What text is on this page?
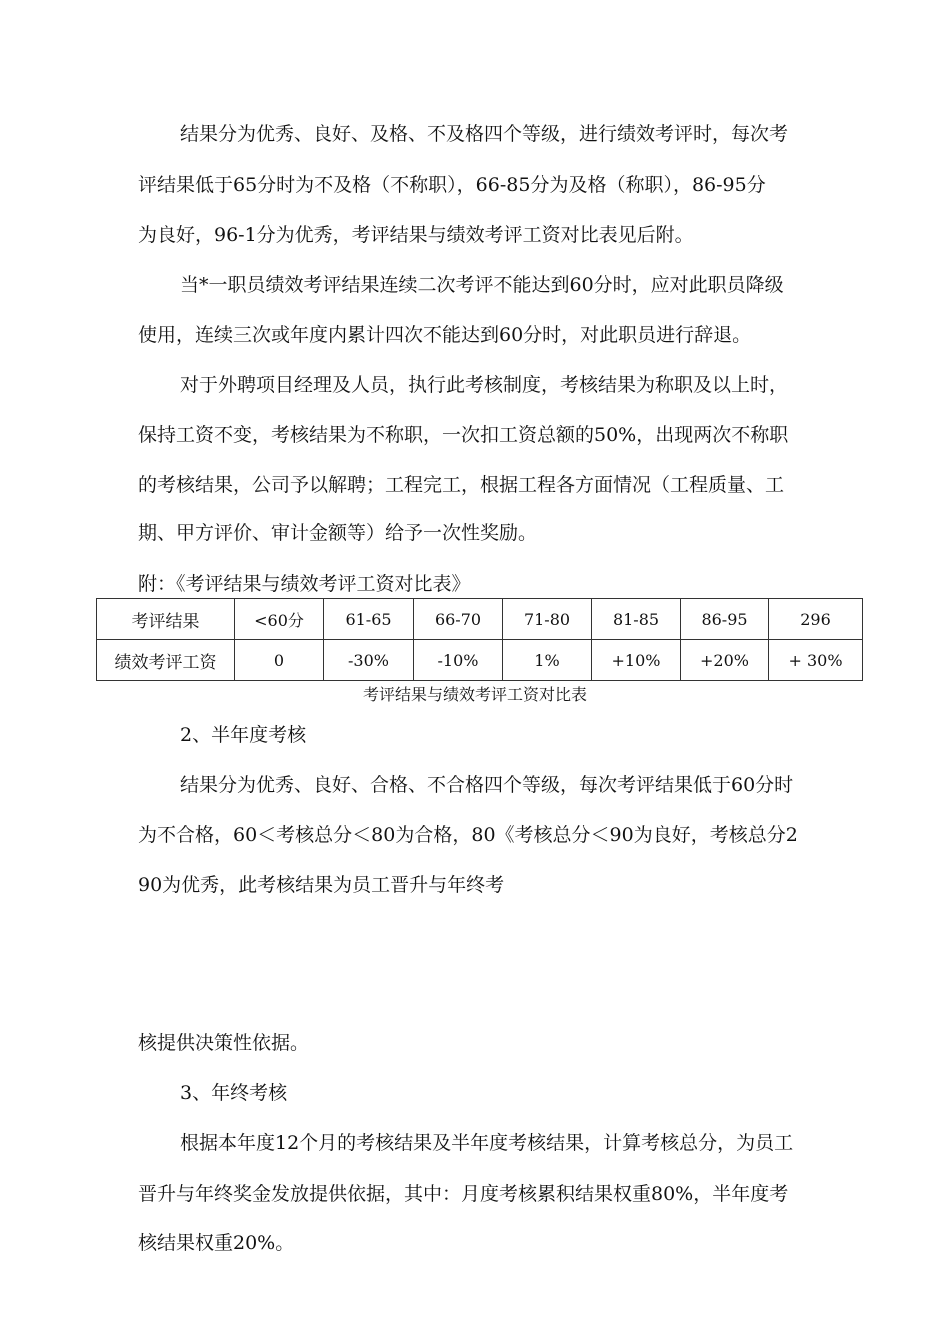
结果分为优秀、良好、及格、不及格四个等级，进行绩效考评时，每次考
评结果低于65分时为不及格（不称职），66-85分为及格（称职），86-95分
为良好，96-1分为优秀，考评结果与绩效考评工资对比表见后附。
当*一职员绩效考评结果连续二次考评不能达到60分时，应对此职员降级
使用，连续三次或年度内累计四次不能达到60分时，对此职员进行辞退。
对于外聘项目经理及人员，执行此考核制度，考核结果为称职及以上时，
保持工资不变，考核结果为不称职，一次扣工资总额的50%，出现两次不称职
的考核结果，公司予以解聘；工程完工，根据工程各方面情况（工程质量、工
期、甲方评价、审计金额等）给予一次性奖励。
附：《考评结果与绩效考评工资对比表》
考评结果	<60分	61-65	66-70	71-80	81-85	86-95	296
绩效考评工资	0	-30%	-10%	1%	+10%	+20%	+ 30%
考评结果与绩效考评工资对比表
2、半年度考核
结果分为优秀、良好、合格、不合格四个等级，每次考评结果低于60分时
为不合格，60＜考核总分＜80为合格，80《考核总分＜90为良好，考核总分2
90为优秀，此考核结果为员工晋升与年终考
核提供决策性依据。
3、年终考核
根据本年度12个月的考核结果及半年度考核结果，计算考核总分，为员工
晋升与年终奖金发放提供依据，其中：月度考核累积结果权重80%，半年度考
核结果权重20%。
